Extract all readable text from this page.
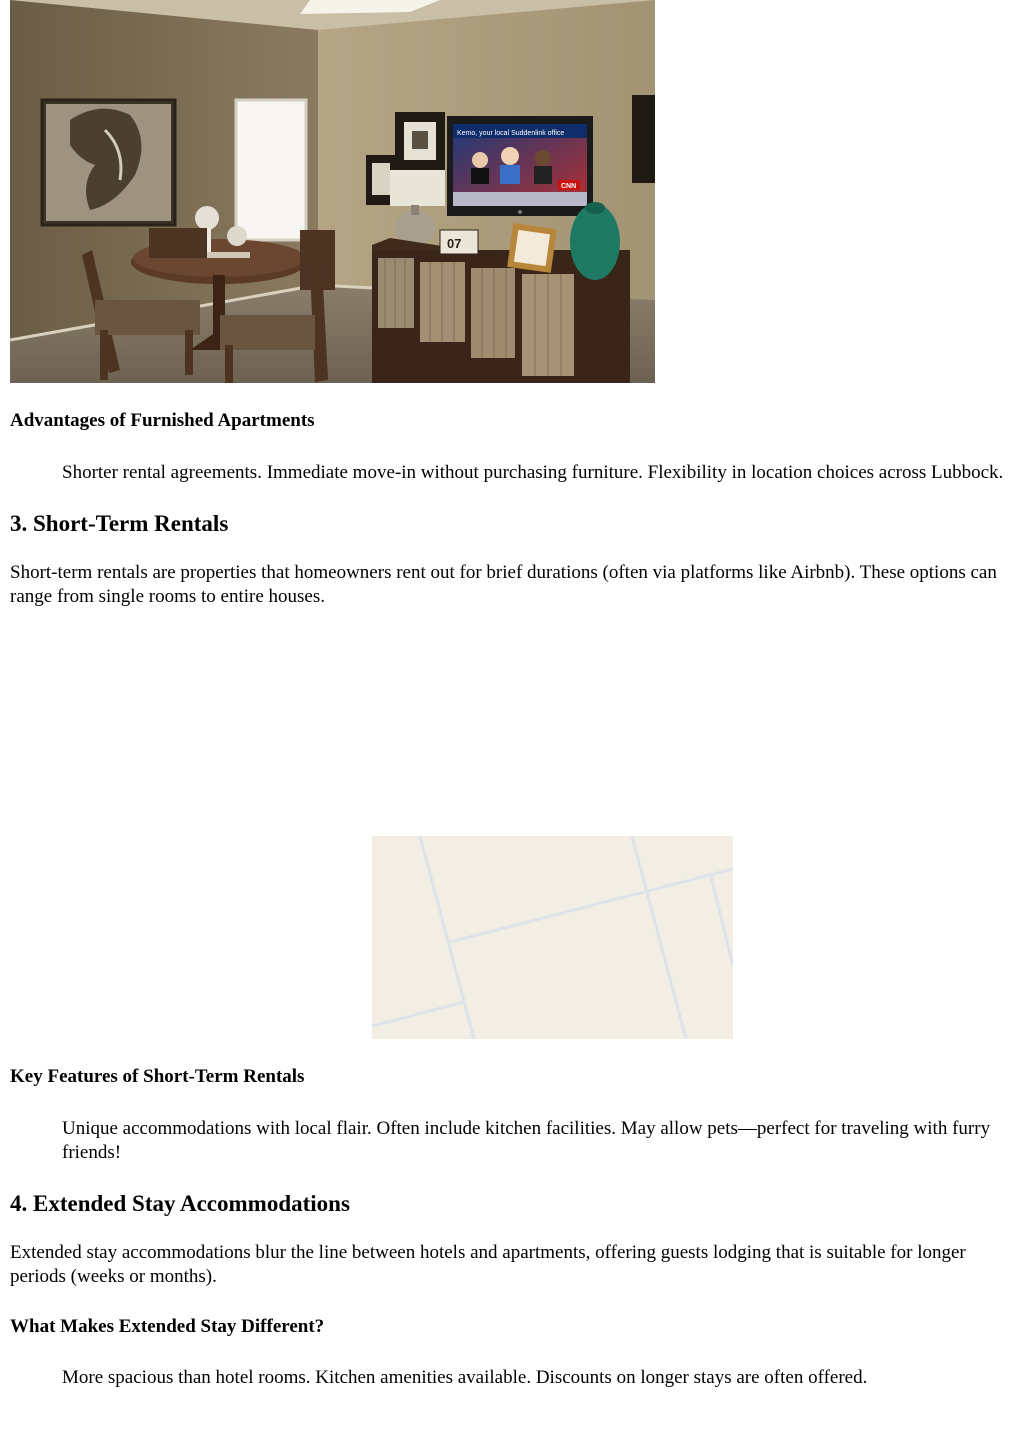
Kemo, your local Suddenlink office
CNN
07
Advantages of Furnished Apartments
Shorter rental agreements. Immediate move-in without purchasing furniture. Flexibility in location choices across Lubbock.
3. Short-Term Rentals

Short-term rentals are properties that homeowners rent out for brief durations (often via platforms like Airbnb). These options can range from single rooms to entire houses.

Key Features of Short-Term Rentals
Unique accommodations with local flair. Often include kitchen facilities. May allow pets—perfect for traveling with furry friends!
4. Extended Stay Accommodations

Extended stay accommodations blur the line between hotels and apartments, offering guests lodging that is suitable for longer periods (weeks or months).

What Makes Extended Stay Different?
More spacious than hotel rooms. Kitchen amenities available. Discounts on longer stays are often offered.
